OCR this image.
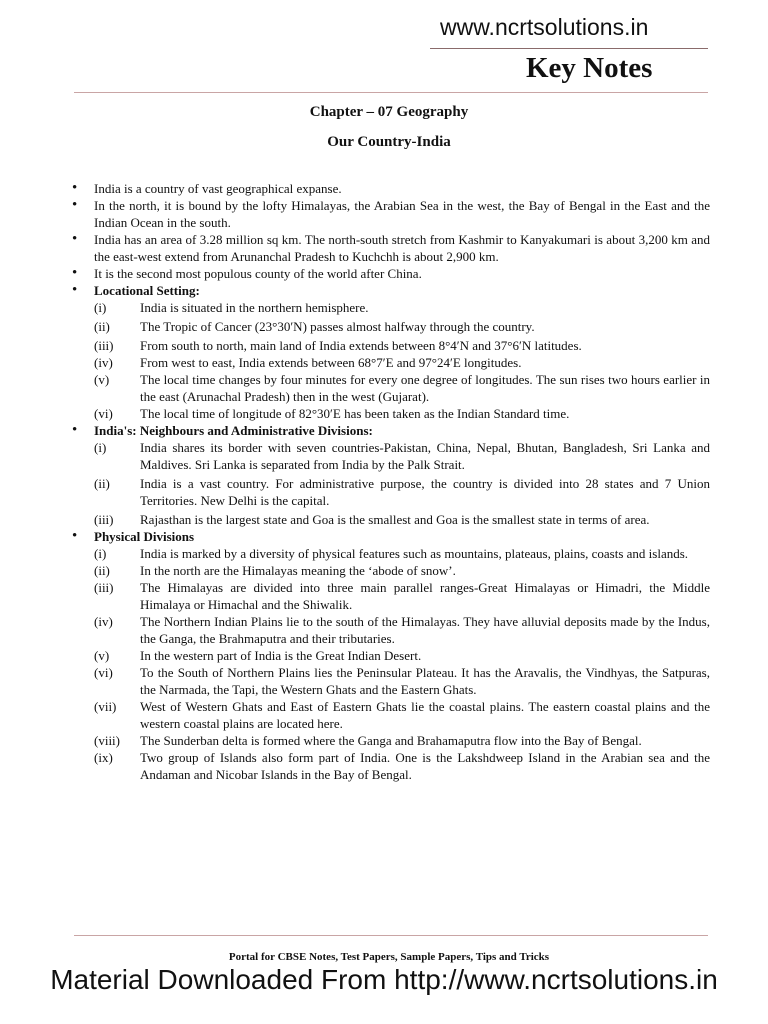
www.ncrtsolutions.in

Key Notes
Chapter – 07 Geography
Our Country-India
• India is a country of vast geographical expanse.
• In the north, it is bound by the lofty Himalayas, the Arabian Sea in the west, the Bay of Bengal in the East and the Indian Ocean in the south.
• India has an area of 3.28 million sq km. The north-south stretch from Kashmir to Kanyakumari is about 3,200 km and the east-west extend from Arunanchal Pradesh to Kuchchh is about 2,900 km.
• It is the second most populous county of the world after China.
• Locational Setting:
(i)	India is situated in the northern hemisphere.
(ii)	The Tropic of Cancer (23°30′N) passes almost halfway through the country.
(iii)	From south to north, main land of India extends between 8°4′N and 37°6′N latitudes.
(iv)	From west to east, India extends between 68°7′E and 97°24′E longitudes.
(v)	The local time changes by four minutes for every one degree of longitudes. The sun rises two hours earlier in the east (Arunachal Pradesh) then in the west (Gujarat).
(vi)	The local time of longitude of 82°30′E has been taken as the Indian Standard time.
• India's: Neighbours and Administrative Divisions:
(i)	India shares its border with seven countries-Pakistan, China, Nepal, Bhutan, Bangladesh, Sri Lanka and Maldives. Sri Lanka is separated from India by the Palk Strait.
(ii)	India is a vast country. For administrative purpose, the country is divided into 28 states and 7 Union Territories. New Delhi is the capital.
(iii)	Rajasthan is the largest state and Goa is the smallest and Goa is the smallest state in terms of area.
• Physical Divisions
(i)	India is marked by a diversity of physical features such as mountains, plateaus, plains, coasts and islands.
(ii)	In the north are the Himalayas meaning the ‘abode of snow’.
(iii)	The Himalayas are divided into three main parallel ranges-Great Himalayas or Himadri, the Middle Himalaya or Himachal and the Shiwalik.
(iv)	The Northern Indian Plains lie to the south of the Himalayas. They have alluvial deposits made by the Indus, the Ganga, the Brahmaputra and their tributaries.
(v)	In the western part of India is the Great Indian Desert.
(vi)	To the South of Northern Plains lies the Peninsular Plateau. It has the Aravalis, the Vindhyas, the Satpuras, the Narmada, the Tapi, the Western Ghats and the Eastern Ghats.
(vii)	West of Western Ghats and East of Eastern Ghats lie the coastal plains. The eastern coastal plains and the western coastal plains are located here.
(viii)	The Sunderban delta is formed where the Ganga and Brahamaputra flow into the Bay of Bengal.
(ix)	Two group of Islands also form part of India. One is the Lakshdweep Island in the Arabian sea and the Andaman and Nicobar Islands in the Bay of Bengal.

Portal for CBSE Notes, Test Papers, Sample Papers, Tips and Tricks

Material Downloaded From http://www.ncrtsolutions.in
